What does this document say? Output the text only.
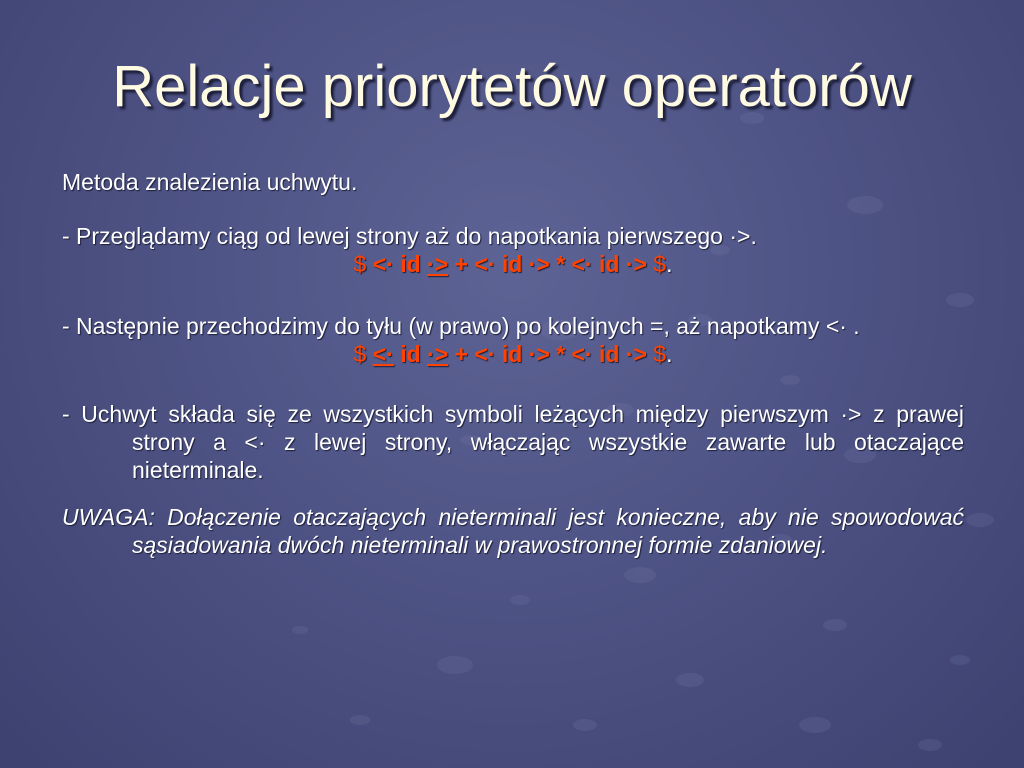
Relacje priorytetów operatorów

Metoda znalezienia uchwytu.

- Przeglądamy ciąg od lewej strony aż do napotkania pierwszego ·>.

$ <· id ·> + <· id ·> * <· id ·> $.

- Następnie przechodzimy do tyłu (w prawo) po kolejnych =, aż napotkamy <· .

$ <· id ·> + <· id ·> * <· id ·> $.

- Uchwyt składa się ze wszystkich symboli leżących między pierwszym ·> z prawej strony a <· z lewej strony, włączając wszystkie zawarte lub otaczające nieterminale.

UWAGA: Dołączenie otaczających nieterminali jest konieczne, aby nie spowodować sąsiadowania dwóch nieterminali w prawostronnej formie zdaniowej.
